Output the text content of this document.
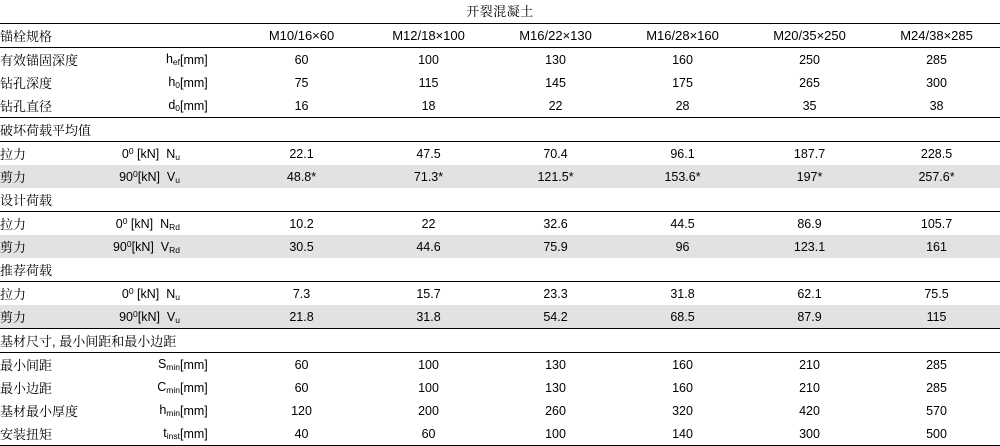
开裂混凝土
锚栓规格			M10/16×60	M12/18×100	M16/22×130	M16/28×160	M20/35×250	M24/38×285
有效锚固深度	$h_{ef}$	[mm]	60	100	130	160	250	285
钻孔深度	$h_0$	[mm]	75	115	145	175	265	300
钻孔直径	$d_0$	[mm]	16	18	22	28	35	38
破坏荷载平均值								
拉力	$0^0$ [kN] $N_u$		22.1	47.5	70.4	96.1	187.7	228.5
剪力	$90^0[kN]$ $V_u$		48.8*	71.3*	121.5*	153.6*	197*	257.6*
设计荷载								
拉力	$0^0$ [kN] $N_{Rd}$		10.2	22	32.6	44.5	86.9	105.7
剪力	$90^0[kN]$ $V_{Rd}$		30.5	44.6	75.9	96	123.1	161
推荐荷载								
拉力	$0^0$ [kN] $N_u$		7.3	15.7	23.3	31.8	62.1	75.5
剪力	$90^0[kN]$ $V_u$		21.8	31.8	54.2	68.5	87.9	115
基材尺寸, 最小间距和最小边距								
最小间距	$S_{min}$	[mm]	60	100	130	160	210	285
最小边距	$C_{min}$	[mm]	60	100	130	160	210	285
基材最小厚度	$h_{min}$	[mm]	120	200	260	320	420	570
安装扭矩	$t_{inst}$	[mm]	40	60	100	140	300	500
